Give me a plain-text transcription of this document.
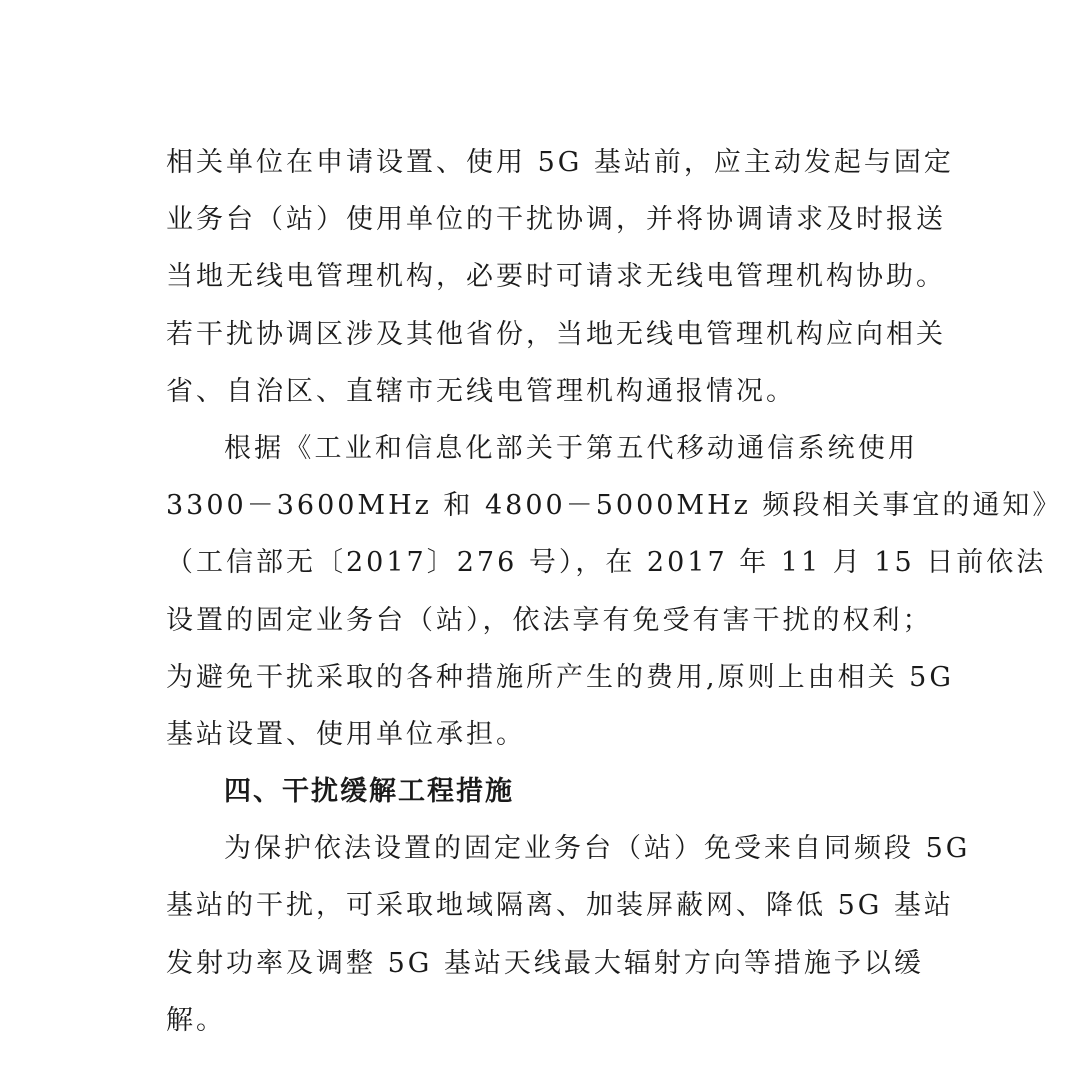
相关单位在申请设置、使用 5G 基站前，应主动发起与固定
业务台（站）使用单位的干扰协调，并将协调请求及时报送
当地无线电管理机构，必要时可请求无线电管理机构协助。
若干扰协调区涉及其他省份，当地无线电管理机构应向相关
省、自治区、直辖市无线电管理机构通报情况。
根据《工业和信息化部关于第五代移动通信系统使用
3300－3600MHz 和 4800－5000MHz 频段相关事宜的通知》
（工信部无〔2017〕276 号），在 2017 年 11 月 15 日前依法
设置的固定业务台（站），依法享有免受有害干扰的权利；
为避免干扰采取的各种措施所产生的费用,原则上由相关 5G
基站设置、使用单位承担。
四、干扰缓解工程措施
为保护依法设置的固定业务台（站）免受来自同频段 5G
基站的干扰，可采取地域隔离、加装屏蔽网、降低 5G 基站
发射功率及调整 5G 基站天线最大辐射方向等措施予以缓
解。
